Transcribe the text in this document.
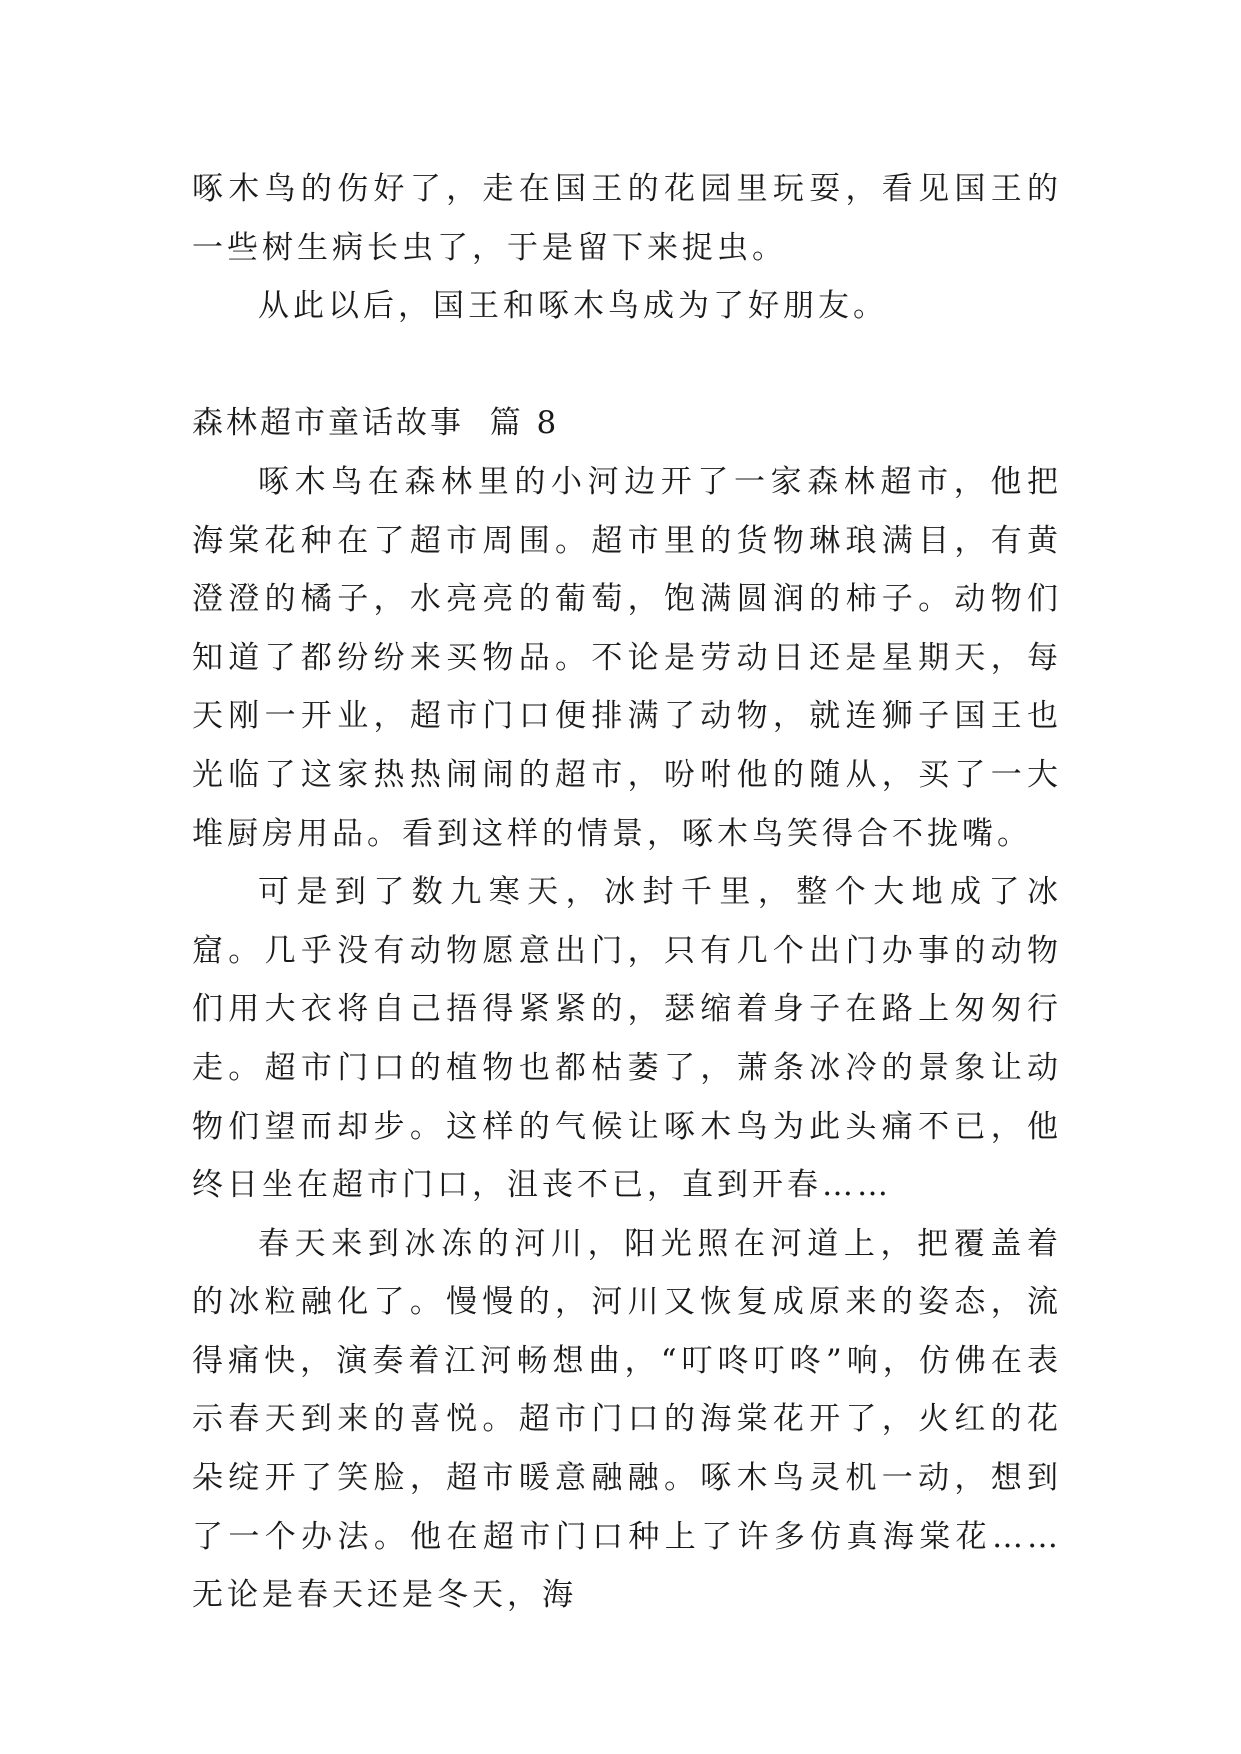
啄木鸟的伤好了，走在国王的花园里玩耍，看见国王的一些树生病长虫了，于是留下来捉虫。

从此以后，国王和啄木鸟成为了好朋友。

森林超市童话故事  篇 8

啄木鸟在森林里的小河边开了一家森林超市，他把海棠花种在了超市周围。超市里的货物琳琅满目，有黄澄澄的橘子，水亮亮的葡萄，饱满圆润的柿子。动物们知道了都纷纷来买物品。不论是劳动日还是星期天，每天刚一开业，超市门口便排满了动物，就连狮子国王也光临了这家热热闹闹的超市，吩咐他的随从，买了一大堆厨房用品。看到这样的情景，啄木鸟笑得合不拢嘴。

可是到了数九寒天，冰封千里，整个大地成了冰窟。几乎没有动物愿意出门，只有几个出门办事的动物们用大衣将自己捂得紧紧的，瑟缩着身子在路上匆匆行走。超市门口的植物也都枯萎了，萧条冰冷的景象让动物们望而却步。这样的气候让啄木鸟为此头痛不已，他终日坐在超市门口，沮丧不已，直到开春……

春天来到冰冻的河川，阳光照在河道上，把覆盖着的冰粒融化了。慢慢的，河川又恢复成原来的姿态，流得痛快，演奏着江河畅想曲，“叮咚叮咚”响，仿佛在表示春天到来的喜悦。超市门口的海棠花开了，火红的花朵绽开了笑脸，超市暖意融融。啄木鸟灵机一动，想到了一个办法。他在超市门口种上了许多仿真海棠花……无论是春天还是冬天，海
